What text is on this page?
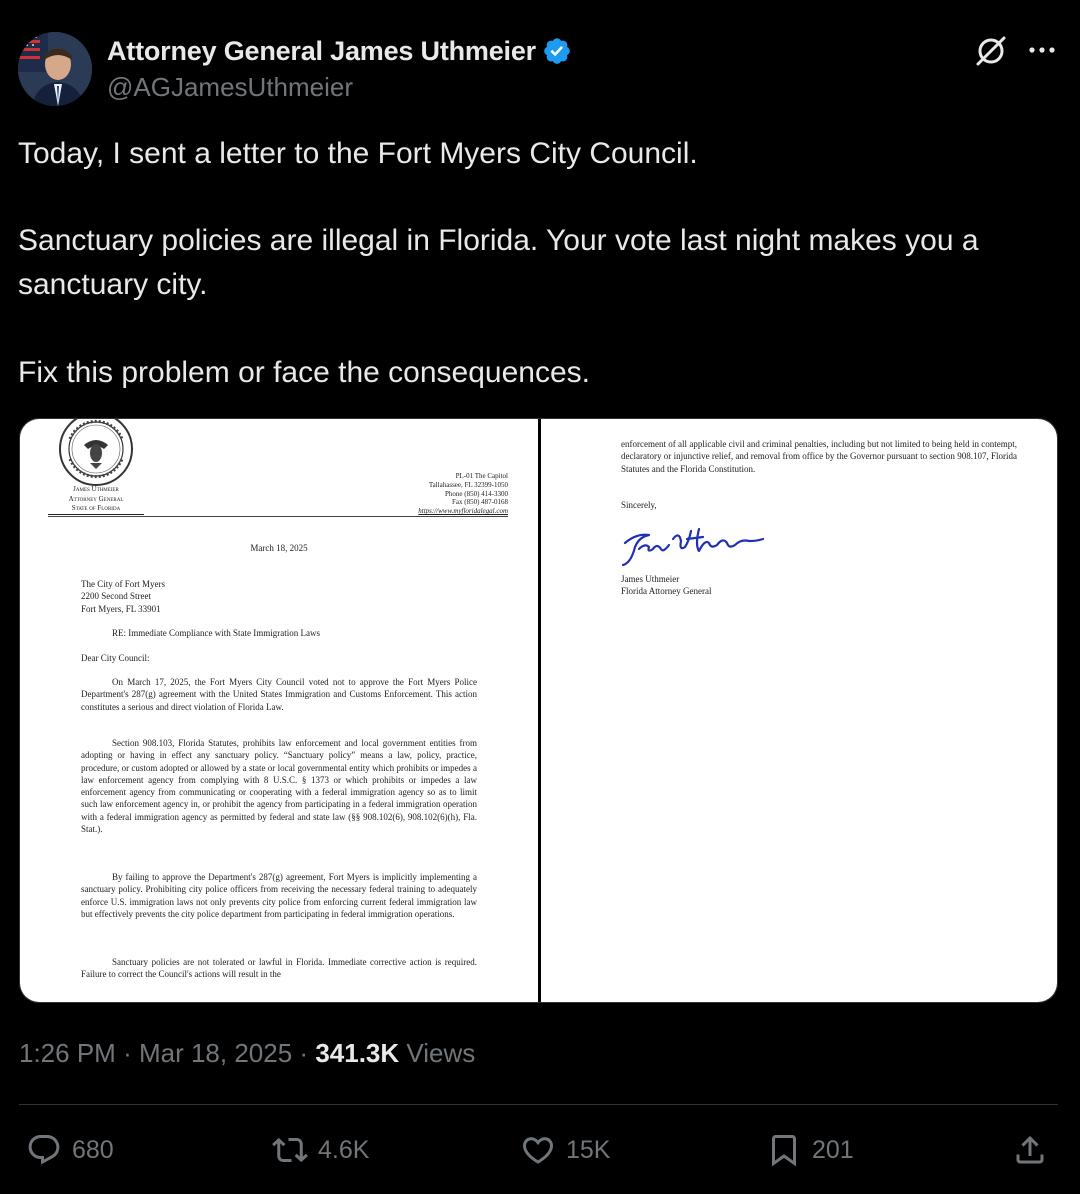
Attorney General James Uthmeier
@AGJamesUthmeier
Today, I sent a letter to the Fort Myers City Council.
Sanctuary policies are illegal in Florida. Your vote last night makes you a sanctuary city.
Fix this problem or face the consequences.
James Uthmeier
Attorney General
State of Florida
PL-01 The Capitol
Tallahassee, FL 32399-1050
Phone (850) 414-3300
Fax (850) 487-0168
https://www.myfloridalegal.com
March 18, 2025
The City of Fort Myers
2200 Second Street
Fort Myers, FL 33901
RE: Immediate Compliance with State Immigration Laws
Dear City Council:
On March 17, 2025, the Fort Myers City Council voted not to approve the Fort Myers Police Department's 287(g) agreement with the United States Immigration and Customs Enforcement. This action constitutes a serious and direct violation of Florida Law.
Section 908.103, Florida Statutes, prohibits law enforcement and local government entities from adopting or having in effect any sanctuary policy. “Sanctuary policy” means a law, policy, practice, procedure, or custom adopted or allowed by a state or local governmental entity which prohibits or impedes a law enforcement agency from complying with 8 U.S.C. § 1373 or which prohibits or impedes a law enforcement agency from communicating or cooperating with a federal immigration agency so as to limit such law enforcement agency in, or prohibit the agency from participating in a federal immigration operation with a federal immigration agency as permitted by federal and state law (§§ 908.102(6), 908.102(6)(h), Fla. Stat.).
By failing to approve the Department's 287(g) agreement, Fort Myers is implicitly implementing a sanctuary policy. Prohibiting city police officers from receiving the necessary federal training to adequately enforce U.S. immigration laws not only prevents city police from enforcing current federal immigration law but effectively prevents the city police department from participating in federal immigration operations.
Sanctuary policies are not tolerated or lawful in Florida. Immediate corrective action is required. Failure to correct the Council's actions will result in the
enforcement of all applicable civil and criminal penalties, including but not limited to being held in contempt, declaratory or injunctive relief, and removal from office by the Governor pursuant to section 908.107, Florida Statutes and the Florida Constitution.
Sincerely,
James Uthmeier
Florida Attorney General
1:26 PM · Mar 18, 2025 · 341.3K Views
680	4.6K	15K	201
